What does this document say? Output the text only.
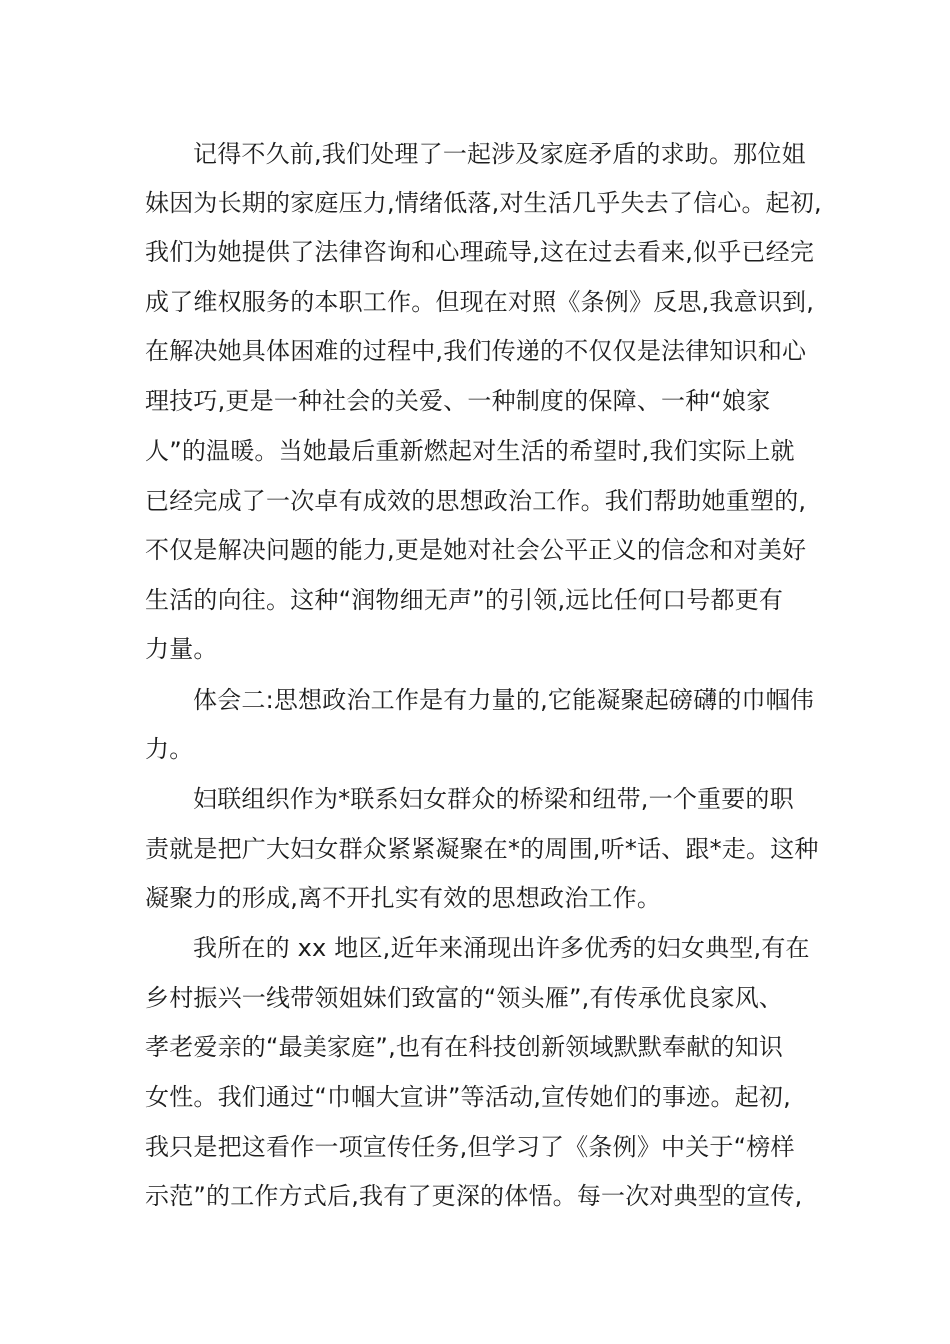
记得不久前,我们处理了一起涉及家庭矛盾的求助。那位姐
妹因为长期的家庭压力,情绪低落,对生活几乎失去了信心。起初,
我们为她提供了法律咨询和心理疏导,这在过去看来,似乎已经完
成了维权服务的本职工作。但现在对照《条例》反思,我意识到,
在解决她具体困难的过程中,我们传递的不仅仅是法律知识和心
理技巧,更是一种社会的关爱、一种制度的保障、一种“娘家
人”的温暖。当她最后重新燃起对生活的希望时,我们实际上就
已经完成了一次卓有成效的思想政治工作。我们帮助她重塑的,
不仅是解决问题的能力,更是她对社会公平正义的信念和对美好
生活的向往。这种“润物细无声”的引领,远比任何口号都更有
力量。
体会二:思想政治工作是有力量的,它能凝聚起磅礴的巾帼伟
力。
妇联组织作为*联系妇女群众的桥梁和纽带,一个重要的职
责就是把广大妇女群众紧紧凝聚在*的周围,听*话、跟*走。这种
凝聚力的形成,离不开扎实有效的思想政治工作。
我所在的 xx 地区,近年来涌现出许多优秀的妇女典型,有在
乡村振兴一线带领姐妹们致富的“领头雁”,有传承优良家风、
孝老爱亲的“最美家庭”,也有在科技创新领域默默奉献的知识
女性。我们通过“巾帼大宣讲”等活动,宣传她们的事迹。起初,
我只是把这看作一项宣传任务,但学习了《条例》中关于“榜样
示范”的工作方式后,我有了更深的体悟。每一次对典型的宣传,
